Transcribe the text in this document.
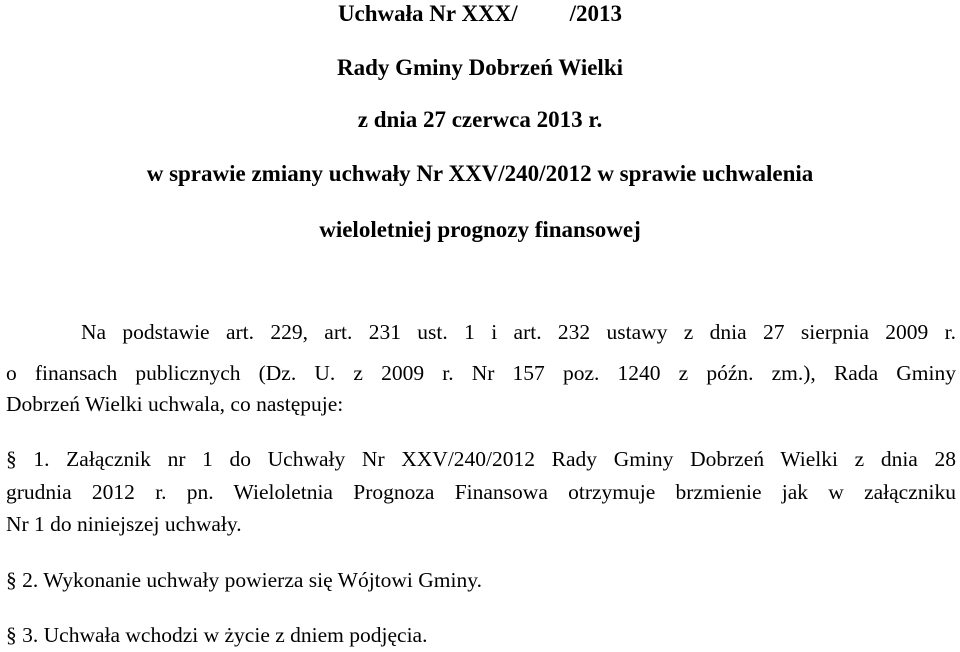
Uchwała Nr XXX/ /2013
Rady Gminy Dobrzeń Wielki
z dnia 27 czerwca 2013 r.
w sprawie zmiany uchwały Nr XXV/240/2012 w sprawie uchwalenia
wieloletniej prognozy finansowej
Na podstawie art. 229, art. 231 ust. 1 i art. 232 ustawy z dnia 27 sierpnia 2009 r.
o finansach publicznych (Dz. U. z 2009 r. Nr 157 poz. 1240 z późn. zm.), Rada Gminy
Dobrzeń Wielki uchwala, co następuje:
§ 1. Załącznik nr 1 do Uchwały Nr XXV/240/2012 Rady Gminy Dobrzeń Wielki z dnia 28
grudnia 2012 r. pn. Wieloletnia Prognoza Finansowa otrzymuje brzmienie jak w załączniku
Nr 1 do niniejszej uchwały.
§ 2. Wykonanie uchwały powierza się Wójtowi Gminy.
§ 3. Uchwała wchodzi w życie z dniem podjęcia.
